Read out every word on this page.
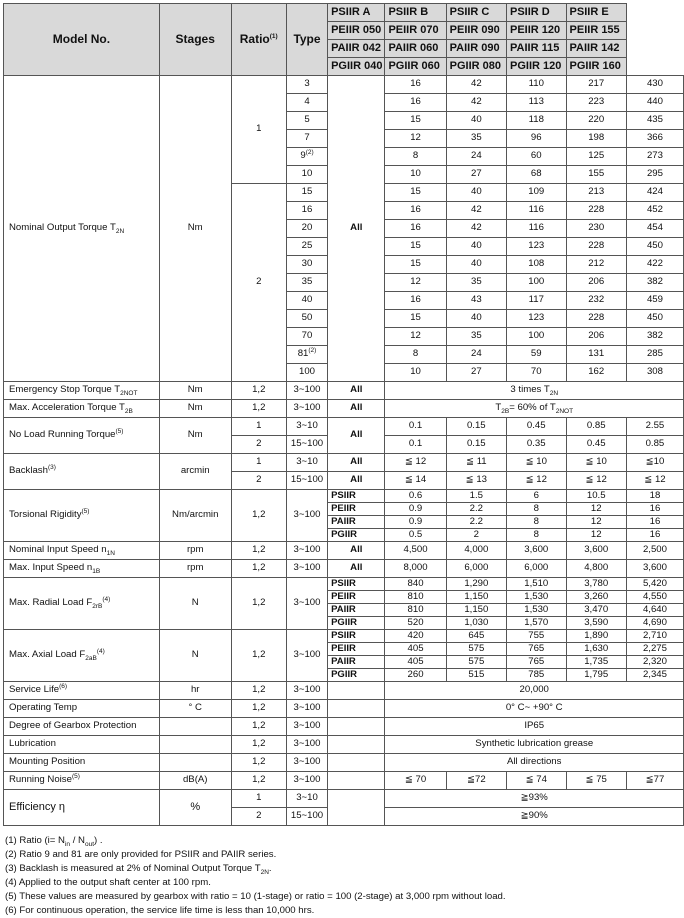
Model No.	Stages	Ratio$^{(1)}$	Type	PSIIR A	PSIIR B	PSIIR C	PSIIR D	PSIIR E	
				PEIIR 050	PEIIR 070	PEIIR 090	PEIIR 120	PEIIR 155	
				PAIIR 042	PAIIR 060	PAIIR 090	PAIIR 115	PAIIR 142	
				PGIIR 040	PGIIR 060	PGIIR 080	PGIIR 120	PGIIR 160	
Nominal Output Torque $T_{2N}$	Nm	1	3	All	16	42	110	217	430
			4		16	42	113	223	440
			5		15	40	118	220	435
			7		12	35	96	198	366
			9$^{(2)}$		8	24	60	125	273
			10		10	27	68	155	295
		2	15		15	40	109	213	424
			16		16	42	116	228	452
			20		16	42	116	230	454
			25		15	40	123	228	450
			30		15	40	108	212	422
			35		12	35	100	206	382
			40		16	43	117	232	459
			50		15	40	123	228	450
			70		12	35	100	206	382
			81$^{(2)}$		8	24	59	131	285
			100		10	27	70	162	308
Emergency Stop Torque $T_{2NOT}$	Nm	1,2	3~100	All	3 times $T_{2N}$
Max. Acceleration Torque $T_{2B}$	Nm	1,2	3~100	All	$T_{2B}= 60\%$ of $T_{2NOT}$
No Load Running Torque$^{(5)}$	Nm	1	3~10	All	0.1	0.15	0.45	0.85	2.55
		2	15~100		0.1	0.15	0.35	0.45	0.85
Backlash$^{(3)}$	arcmin	1	3~10	All	≦ 12	≦ 11	≦ 10	≦ 10	≦10
		2	15~100	All	≦ 14	≦ 13	≦ 12	≦ 12	≦ 12
Torsional Rigidity$^{(5)}$	Nm/arcmin	1,2	3~100	PSIIR	0.6	1.5	6	10.5	18
				PEIIR	0.9	2.2	8	12	16
				PAIIR	0.9	2.2	8	12	16
				PGIIR	0.5	2	8	12	16
Nominal Input Speed $n_{1N}$	rpm	1,2	3~100	All	4,500	4,000	3,600	3,600	2,500
Max. Input Speed $n_{1B}$	rpm	1,2	3~100	All	8,000	6,000	6,000	4,800	3,600
Max. Radial Load $F_{2rB}^{(4)}$	N	1,2	3~100	PSIIR	840	1,290	1,510	3,780	5,420
				PEIIR	810	1,150	1,530	3,260	4,550
				PAIIR	810	1,150	1,530	3,470	4,640
				PGIIR	520	1,030	1,570	3,590	4,690
Max. Axial Load $F_{2aB}^{(4)}$	N	1,2	3~100	PSIIR	420	645	755	1,890	2,710
				PEIIR	405	575	765	1,630	2,275
				PAIIR	405	575	765	1,735	2,320
				PGIIR	260	515	785	1,795	2,345
Service Life$^{(6)}$	hr	1,2	3~100		20,000				
Operating Temp	° C	1,2	3~100		0° C~ +90° C				
Degree of Gearbox Protection		1,2	3~100		IP65				
Lubrication		1,2	3~100		Synthetic lubrication grease				
Mounting Position		1,2	3~100		All directions				
Running Noise$^{(5)}$	dB(A)	1,2	3~100		≦ 70	≦72	≦ 74	≦ 75	≦77
Efficiency η	%	1	3~10		≧93%				
		2	15~100		≧90%				
(1) Ratio $(i= N_{in} / N_{out})$ .
(2) Ratio 9 and 81 are only provided for PSIIR and PAIIR series.
(3) Backlash is measured at 2% of Nominal Output Torque $T_{2N}$.
(4) Applied to the output shaft center at 100 rpm.
(5) These values are measured by gearbox with ratio = 10 (1-stage) or ratio = 100 (2-stage) at 3,000 rpm without load.
(6) For continuous operation, the service life time is less than 10,000 hrs.
